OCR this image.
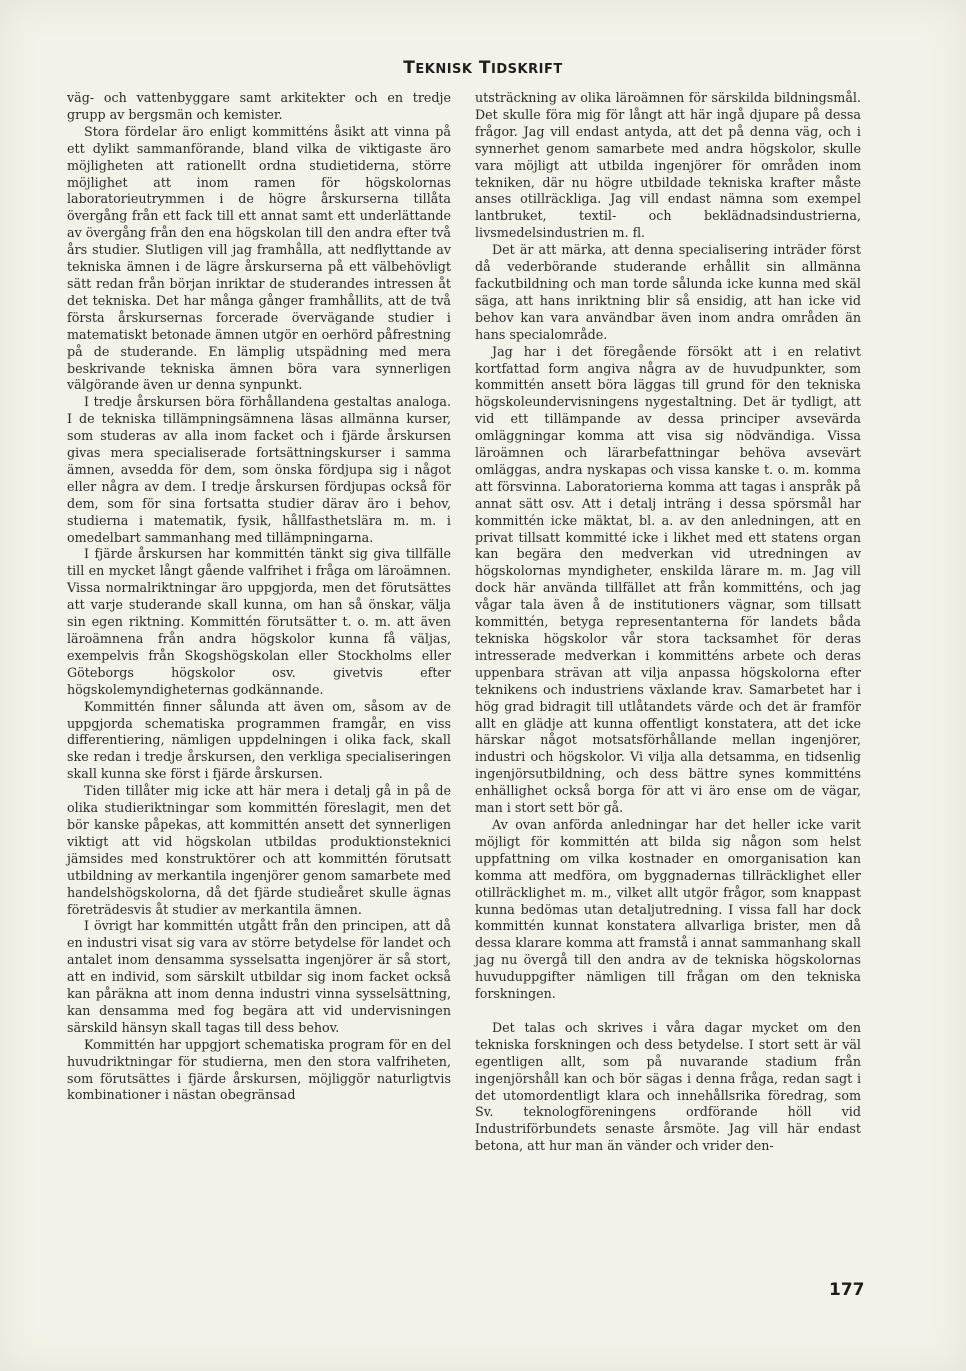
TEKNISK TIDSKRIFT

väg- och vattenbyggare samt arkitekter och en tredje grupp av bergsmän och kemister.

Stora fördelar äro enligt kommitténs åsikt att vinna på ett dylikt sammanförande, bland vilka de viktigaste äro möjligheten att rationellt ordna studietiderna, större möjlighet att inom ramen för högskolornas laboratorieutrymmen i de högre årskurserna tillåta övergång från ett fack till ett annat samt ett underlättande av övergång från den ena högskolan till den andra efter två års studier. Slutligen vill jag framhålla, att nedflyttande av tekniska ämnen i de lägre årskurserna på ett välbehövligt sätt redan från början inriktar de studerandes intressen åt det tekniska. Det har många gånger framhållits, att de två första årskursernas forcerade övervägande studier i matematiskt betonade ämnen utgör en oerhörd påfrestning på de studerande. En lämplig utspädning med mera beskrivande tekniska ämnen böra vara synnerligen välgörande även ur denna synpunkt.

I tredje årskursen böra förhållandena gestaltas analoga. I de tekniska tillämpningsämnena läsas allmänna kurser, som studeras av alla inom facket och i fjärde årskursen givas mera specialiserade fortsättningskurser i samma ämnen, avsedda för dem, som önska fördjupa sig i något eller några av dem. I tredje årskursen fördjupas också för dem, som för sina fortsatta studier därav äro i behov, studierna i matematik, fysik, hållfasthetslära m. m. i omedelbart sammanhang med tillämpningarna.

I fjärde årskursen har kommittén tänkt sig giva tillfälle till en mycket långt gående valfrihet i fråga om läroämnen. Vissa normalriktningar äro uppgjorda, men det förutsättes att varje studerande skall kunna, om han så önskar, välja sin egen riktning. Kommittén förutsätter t. o. m. att även läroämnena från andra högskolor kunna få väljas, exempelvis från Skogshögskolan eller Stockholms eller Göteborgs högskolor osv. givetvis efter högskolemyndigheternas godkännande.

Kommittén finner sålunda att även om, såsom av de uppgjorda schematiska programmen framgår, en viss differentiering, nämligen uppdelningen i olika fack, skall ske redan i tredje årskursen, den verkliga specialiseringen skall kunna ske först i fjärde årskursen.

Tiden tillåter mig icke att här mera i detalj gå in på de olika studieriktningar som kommittén föreslagit, men det bör kanske påpekas, att kommittén ansett det synnerligen viktigt att vid högskolan utbildas produktionsteknici jämsides med konstruktörer och att kommittén förutsatt utbildning av merkantila ingenjörer genom samarbete med handelshögskolorna, då det fjärde studieåret skulle ägnas företrädesvis åt studier av merkantila ämnen.

I övrigt har kommittén utgått från den principen, att då en industri visat sig vara av större betydelse för landet och antalet inom densamma sysselsatta ingenjörer är så stort, att en individ, som särskilt utbildar sig inom facket också kan påräkna att inom denna industri vinna sysselsättning, kan densamma med fog begära att vid undervisningen särskild hänsyn skall tagas till dess behov.

Kommittén har uppgjort schematiska program för en del huvudriktningar för studierna, men den stora valfriheten, som förutsättes i fjärde årskursen, möjliggör naturligtvis kombinationer i nästan obegränsad

utsträckning av olika läroämnen för särskilda bildningsmål. Det skulle föra mig för långt att här ingå djupare på dessa frågor. Jag vill endast antyda, att det på denna väg, och i synnerhet genom samarbete med andra högskolor, skulle vara möjligt att utbilda ingenjörer för områden inom tekniken, där nu högre utbildade tekniska krafter måste anses otillräckliga. Jag vill endast nämna som exempel lantbruket, textil- och beklädnadsindustrierna, livsmedelsindustrien m. fl.

Det är att märka, att denna specialisering inträder först då vederbörande studerande erhållit sin allmänna fackutbildning och man torde sålunda icke kunna med skäl säga, att hans inriktning blir så ensidig, att han icke vid behov kan vara användbar även inom andra områden än hans specialområde.

Jag har i det föregående försökt att i en relativt kortfattad form angiva några av de huvudpunkter, som kommittén ansett böra läggas till grund för den tekniska högskoleundervisningens nygestaltning. Det är tydligt, att vid ett tillämpande av dessa principer avsevärda omläggningar komma att visa sig nödvändiga. Vissa läroämnen och lärarbefattningar behöva avsevärt omläggas, andra nyskapas och vissa kanske t. o. m. komma att försvinna. Laboratorierna komma att tagas i anspråk på annat sätt osv. Att i detalj inträng i dessa spörsmål har kommittén icke mäktat, bl. a. av den anledningen, att en privat tillsatt kommitté icke i likhet med ett statens organ kan begära den medverkan vid utredningen av högskolornas myndigheter, enskilda lärare m. m. Jag vill dock här använda tillfället att från kommitténs, och jag vågar tala även å de institutioners vägnar, som tillsatt kommittén, betyga representanterna för landets båda tekniska högskolor vår stora tacksamhet för deras intresserade medverkan i kommitténs arbete och deras uppenbara strävan att vilja anpassa högskolorna efter teknikens och industriens växlande krav. Samarbetet har i hög grad bidragit till utlåtandets värde och det är framför allt en glädje att kunna offentligt konstatera, att det icke härskar något motsatsförhållande mellan ingenjörer, industri och högskolor. Vi vilja alla detsamma, en tidsenlig ingenjörsutbildning, och dess bättre synes kommitténs enhällighet också borga för att vi äro ense om de vägar, man i stort sett bör gå.

Av ovan anförda anledningar har det heller icke varit möjligt för kommittén att bilda sig någon som helst uppfattning om vilka kostnader en omorganisation kan komma att medföra, om byggnadernas tillräcklighet eller otillräcklighet m. m., vilket allt utgör frågor, som knappast kunna bedömas utan detaljutredning. I vissa fall har dock kommittén kunnat konstatera allvarliga brister, men då dessa klarare komma att framstå i annat sammanhang skall jag nu övergå till den andra av de tekniska högskolornas huvuduppgifter nämligen till frågan om den tekniska forskningen.

Det talas och skrives i våra dagar mycket om den tekniska forskningen och dess betydelse. I stort sett är väl egentligen allt, som på nuvarande stadium från ingenjörshåll kan och bör sägas i denna fråga, redan sagt i det utomordentligt klara och innehållsrika föredrag, som Sv. teknologföreningens ordförande höll vid Industriförbundets senaste årsmöte. Jag vill här endast betona, att hur man än vänder och vrider den-

177
